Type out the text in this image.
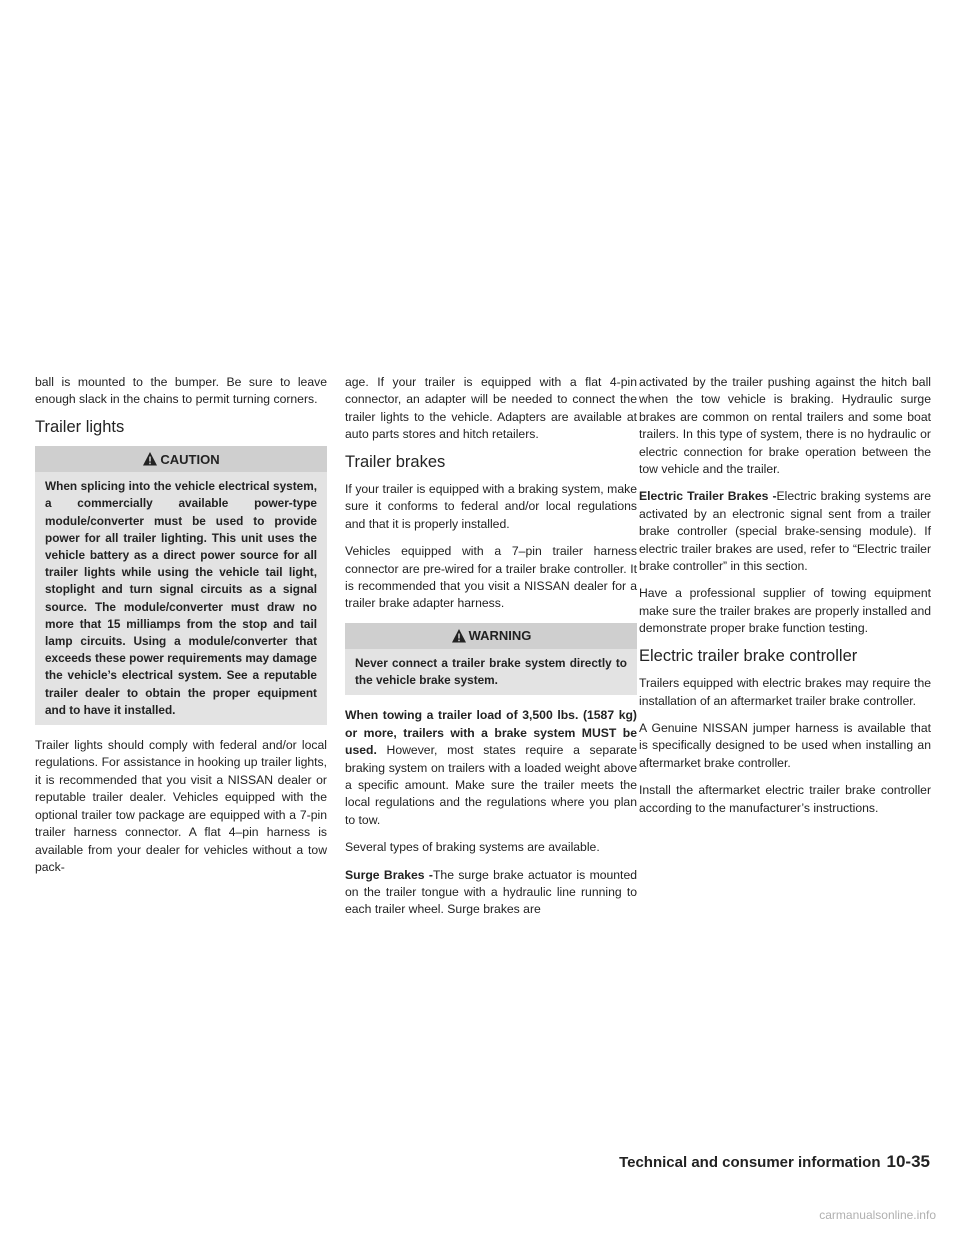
ball is mounted to the bumper. Be sure to leave enough slack in the chains to permit turning corners.

Trailer lights
CAUTION

When splicing into the vehicle electrical system, a commercially available power-type module/converter must be used to provide power for all trailer lighting. This unit uses the vehicle battery as a direct power source for all trailer lights while using the vehicle tail light, stoplight and turn signal circuits as a signal source. The module/converter must draw no more that 15 milliamps from the stop and tail lamp circuits. Using a module/converter that exceeds these power requirements may damage the vehicle’s electrical system. See a reputable trailer dealer to obtain the proper equipment and to have it installed.

Trailer lights should comply with federal and/or local regulations. For assistance in hooking up trailer lights, it is recommended that you visit a NISSAN dealer or reputable trailer dealer. Vehicles equipped with the optional trailer tow package are equipped with a 7-pin trailer harness connector. A flat 4–pin harness is available from your dealer for vehicles without a tow pack-

age. If your trailer is equipped with a flat 4-pin connector, an adapter will be needed to connect the trailer lights to the vehicle. Adapters are available at auto parts stores and hitch retailers.

Trailer brakes

If your trailer is equipped with a braking system, make sure it conforms to federal and/or local regulations and that it is properly installed.

Vehicles equipped with a 7–pin trailer harness connector are pre-wired for a trailer brake controller. It is recommended that you visit a NISSAN dealer for a trailer brake adapter harness.

WARNING

Never connect a trailer brake system directly to the vehicle brake system.

When towing a trailer load of 3,500 lbs. (1587 kg) or more, trailers with a brake system MUST be used. However, most states require a separate braking system on trailers with a loaded weight above a specific amount. Make sure the trailer meets the local regulations and the regulations where you plan to tow.

Several types of braking systems are available.

Surge Brakes -The surge brake actuator is mounted on the trailer tongue with a hydraulic line running to each trailer wheel. Surge brakes are

activated by the trailer pushing against the hitch ball when the tow vehicle is braking. Hydraulic surge brakes are common on rental trailers and some boat trailers. In this type of system, there is no hydraulic or electric connection for brake operation between the tow vehicle and the trailer.

Electric Trailer Brakes -Electric braking systems are activated by an electronic signal sent from a trailer brake controller (special brake-sensing module). If electric trailer brakes are used, refer to “Electric trailer brake controller” in this section.

Have a professional supplier of towing equipment make sure the trailer brakes are properly installed and demonstrate proper brake function testing.

Electric trailer brake controller

Trailers equipped with electric brakes may require the installation of an aftermarket trailer brake controller.

A Genuine NISSAN jumper harness is available that is specifically designed to be used when installing an aftermarket brake controller.

Install the aftermarket electric trailer brake controller according to the manufacturer’s instructions.

Technical and consumer information 10-35
carmanualsonline.info
